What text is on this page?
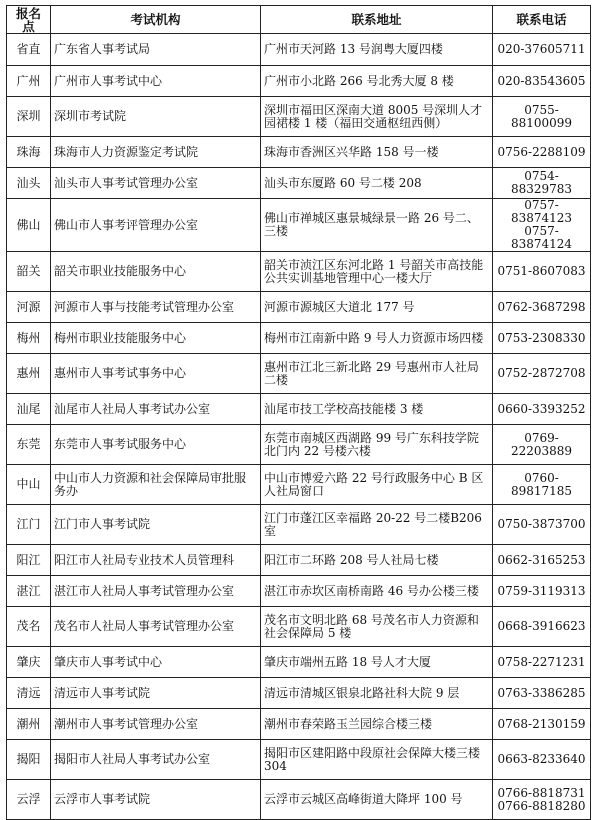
报名点	考试机构	联系地址	联系电话
省直	广东省人事考试局	广州市天河路 13 号润粤大厦四楼	020-37605711

广州	广州市人事考试中心	广州市小北路 266 号北秀大厦 8 楼	020-83543605

深圳	深圳市考试院	深圳市福田区深南大道 8005 号深圳人才园裙楼 1 楼（福田交通枢纽西侧）	0755-88100099

珠海	珠海市人力资源鉴定考试院	珠海市香洲区兴华路 158 号一楼	0756-2288109

汕头	汕头市人事考试管理办公室	汕头市东厦路 60 号二楼 208	0754-88329783

佛山	佛山市人事考评管理办公室	佛山市禅城区惠景城绿景一路 26 号二、三楼	0757-83874123
0757-83874124

韶关	韶关市职业技能服务中心	韶关市浈江区东河北路 1 号韶关市高技能公共实训基地管理中心一楼大厅	0751-8607083

河源	河源市人事与技能考试管理办公室	河源市源城区大道北 177 号	0762-3687298

梅州	梅州市职业技能服务中心	梅州市江南新中路 9 号人力资源市场四楼	0753-2308330

惠州	惠州市人事考试事务中心	惠州市江北三新北路 29 号惠州市人社局二楼	0752-2872708

汕尾	汕尾市人社局人事考试办公室	汕尾市技工学校高技能楼 3 楼	0660-3393252

东莞	东莞市人事考试服务中心	东莞市南城区西湖路 99 号广东科技学院北门内 22 号楼六楼	0769-22203889

中山	中山市人力资源和社会保障局审批服务办	中山市博爱六路 22 号行政服务中心 B 区人社局窗口	0760-89817185

江门	江门市人事考试院	江门市蓬江区幸福路 20-22 号二楼B206 室	0750-3873700

阳江	阳江市人社局专业技术人员管理科	阳江市二环路 208 号人社局七楼	0662-3165253

湛江	湛江市人社局人事考试管理办公室	湛江市赤坎区南桥南路 46 号办公楼三楼	0759-3119313

茂名	茂名市人社局人事考试管理办公室	茂名市文明北路 68 号茂名市人力资源和社会保障局 5 楼	0668-3916623

肇庆	肇庆市人事考试中心	肇庆市端州五路 18 号人才大厦	0758-2271231

清远	清远市人事考试院	清远市清城区银泉北路社科大院 9 层	0763-3386285

潮州	潮州市人事考试管理办公室	潮州市春荣路玉兰园综合楼三楼	0768-2130159

揭阳	揭阳市人社局人事考试办公室	揭阳市区建阳路中段原社会保障大楼三楼 304	0663-8233640

云浮	云浮市人事考试院	云浮市云城区高峰街道大降坪 100 号	0766-8818731
0766-8818280
